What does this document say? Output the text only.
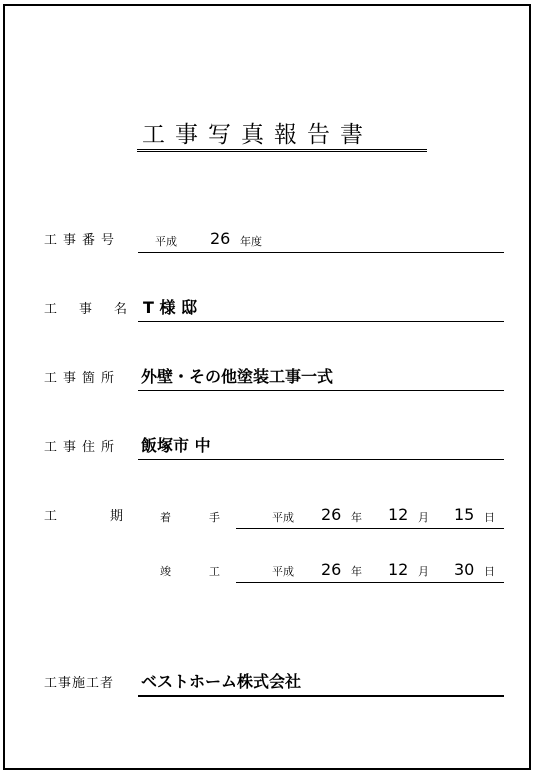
工事写真報告書
工事番号	平成 26 年度
工事名
T 様 邸
工事箇所 外壁・その他塗装工事一式
工事住所 飯塚市 中
工期
着手 平成 26 年 12 月 15 日
竣工 平成 26 年 12 月 30 日
工事施工者 ベストホーム株式会社
